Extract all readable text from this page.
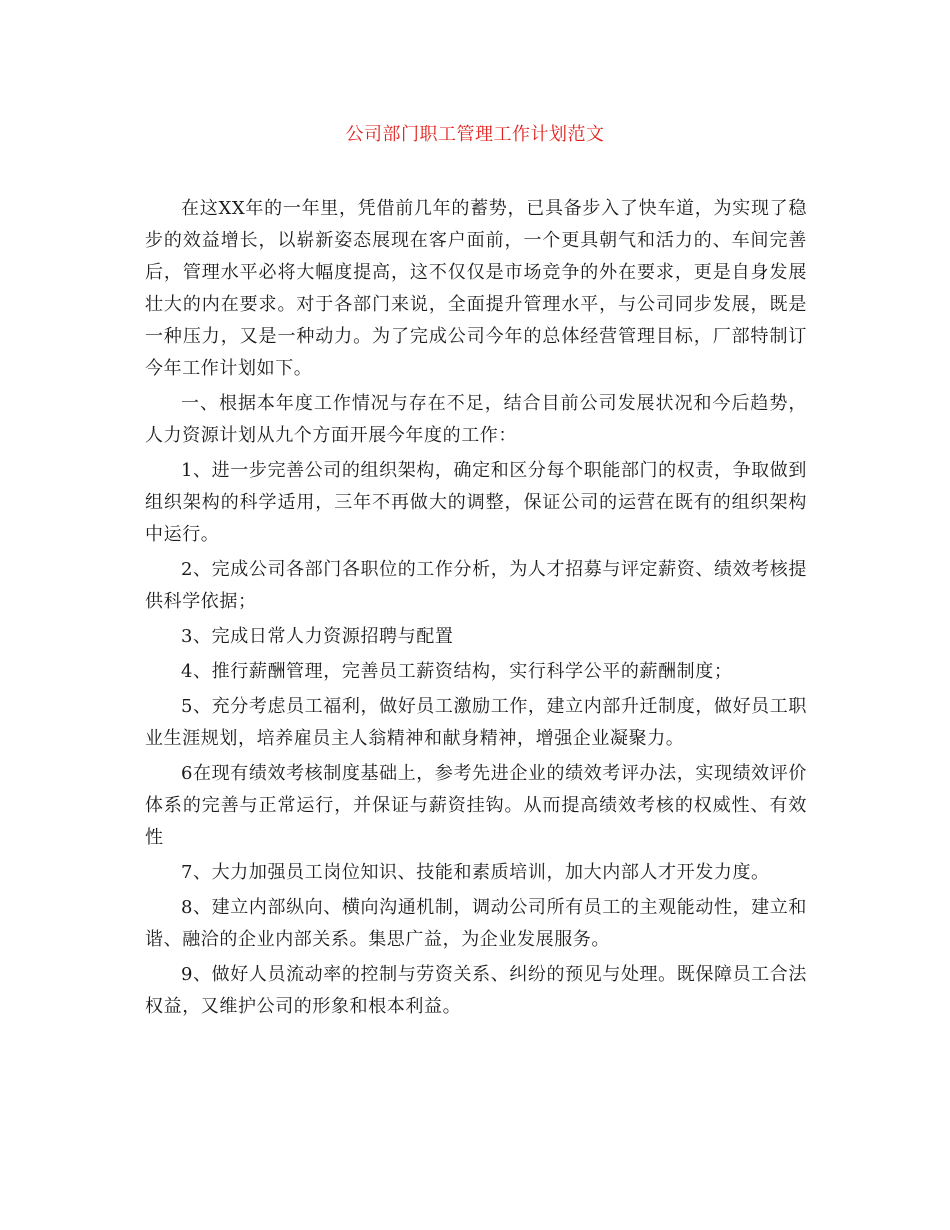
公司部门职工管理工作计划范文

在这XX年的一年里，凭借前几年的蓄势，已具备步入了快车道，为实现了稳步的效益增长，以崭新姿态展现在客户面前，一个更具朝气和活力的、车间完善后，管理水平必将大幅度提高，这不仅仅是市场竞争的外在要求，更是自身发展壮大的内在要求。对于各部门来说，全面提升管理水平，与公司同步发展，既是一种压力，又是一种动力。为了完成公司今年的总体经营管理目标，厂部特制订今年工作计划如下。

一、根据本年度工作情况与存在不足，结合目前公司发展状况和今后趋势，人力资源计划从九个方面开展今年度的工作：

1、进一步完善公司的组织架构，确定和区分每个职能部门的权责，争取做到组织架构的科学适用，三年不再做大的调整，保证公司的运营在既有的组织架构中运行。

2、完成公司各部门各职位的工作分析，为人才招募与评定薪资、绩效考核提供科学依据；

3、完成日常人力资源招聘与配置

4、推行薪酬管理，完善员工薪资结构，实行科学公平的薪酬制度；

5、充分考虑员工福利，做好员工激励工作，建立内部升迁制度，做好员工职业生涯规划，培养雇员主人翁精神和献身精神，增强企业凝聚力。

6在现有绩效考核制度基础上，参考先进企业的绩效考评办法，实现绩效评价体系的完善与正常运行，并保证与薪资挂钩。从而提高绩效考核的权威性、有效性

7、大力加强员工岗位知识、技能和素质培训，加大内部人才开发力度。

8、建立内部纵向、横向沟通机制，调动公司所有员工的主观能动性，建立和谐、融洽的企业内部关系。集思广益，为企业发展服务。

9、做好人员流动率的控制与劳资关系、纠纷的预见与处理。既保障员工合法权益，又维护公司的形象和根本利益。
